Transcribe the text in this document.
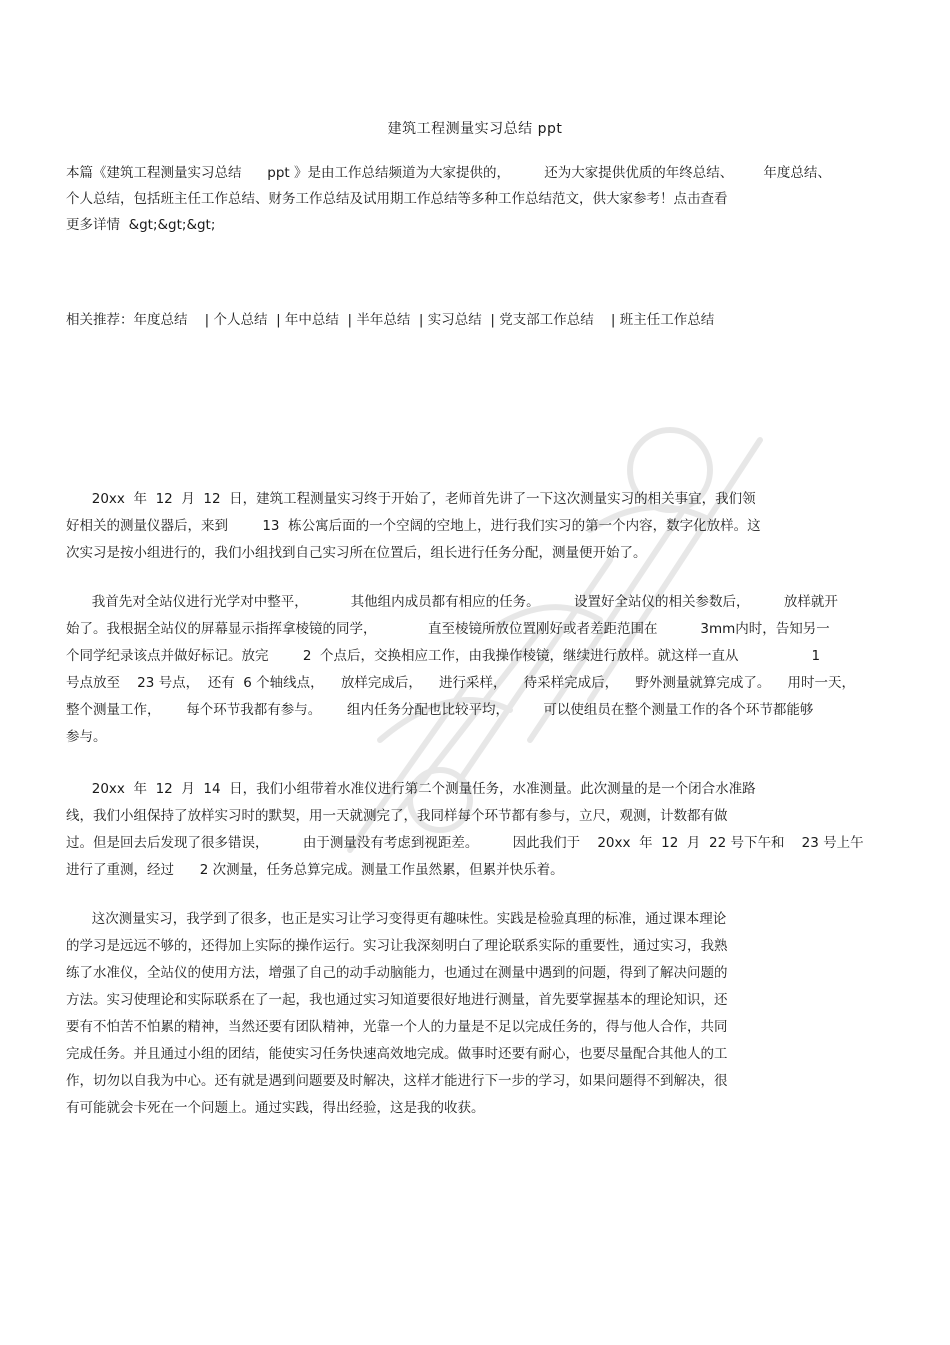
建筑工程测量实习总结 ppt
本篇《建筑工程测量实习总结      ppt 》是由工作总结频道为大家提供的，        还为大家提供优质的年终总结、       年度总结、
个人总结，包括班主任工作总结、财务工作总结及试用期工作总结等多种工作总结范文，供大家参考！点击查看
更多详情  &gt;&gt;&gt;
相关推荐：年度总结    | 个人总结  | 年中总结  | 半年总结  | 实习总结  | 党支部工作总结    | 班主任工作总结
20xx  年  12  月  12  日，建筑工程测量实习终于开始了，老师首先讲了一下这次测量实习的相关事宜，我们领
好相关的测量仪器后，来到        13  栋公寓后面的一个空阔的空地上，进行我们实习的第一个内容，数字化放样。这
次实习是按小组进行的，我们小组找到自己实习所在位置后，组长进行任务分配，测量便开始了。
我首先对全站仪进行光学对中整平，          其他组内成员都有相应的任务。        设置好全站仪的相关参数后，        放样就开
始了。我根据全站仪的屏幕显示指挥拿棱镜的同学，            直至棱镜所放位置刚好或者差距范围在          3mm内时，告知另一
个同学纪录该点并做好标记。放完        2  个点后，交换相应工作，由我操作棱镜，继续进行放样。就这样一直从                 1
号点放至    23 号点，  还有  6 个轴线点，    放样完成后，    进行采样，    待采样完成后，    野外测量就算完成了。    用时一天，
整个测量工作，      每个环节我都有参与。      组内任务分配也比较平均，        可以使组员在整个测量工作的各个环节都能够
参与。
20xx  年  12  月  14  日，我们小组带着水准仪进行第二个测量任务，水准测量。此次测量的是一个闭合水准路
线，我们小组保持了放样实习时的默契，用一天就测完了，我同样每个环节都有参与，立尺，观测，计数都有做
过。但是回去后发现了很多错误，        由于测量没有考虑到视距差。        因此我们于    20xx  年  12  月  22 号下午和    23 号上午
进行了重测，经过      2 次测量，任务总算完成。测量工作虽然累，但累并快乐着。
这次测量实习，我学到了很多，也正是实习让学习变得更有趣味性。实践是检验真理的标准，通过课本理论
的学习是远远不够的，还得加上实际的操作运行。实习让我深刻明白了理论联系实际的重要性，通过实习，我熟
练了水准仪，全站仪的使用方法，增强了自己的动手动脑能力，也通过在测量中遇到的问题，得到了解决问题的
方法。实习使理论和实际联系在了一起，我也通过实习知道要很好地进行测量，首先要掌握基本的理论知识，还
要有不怕苦不怕累的精神，当然还要有团队精神，光靠一个人的力量是不足以完成任务的，得与他人合作，共同
完成任务。并且通过小组的团结，能使实习任务快速高效地完成。做事时还要有耐心，也要尽量配合其他人的工
作，切勿以自我为中心。还有就是遇到问题要及时解决，这样才能进行下一步的学习，如果问题得不到解决，很
有可能就会卡死在一个问题上。通过实践，得出经验，这是我的收获。
